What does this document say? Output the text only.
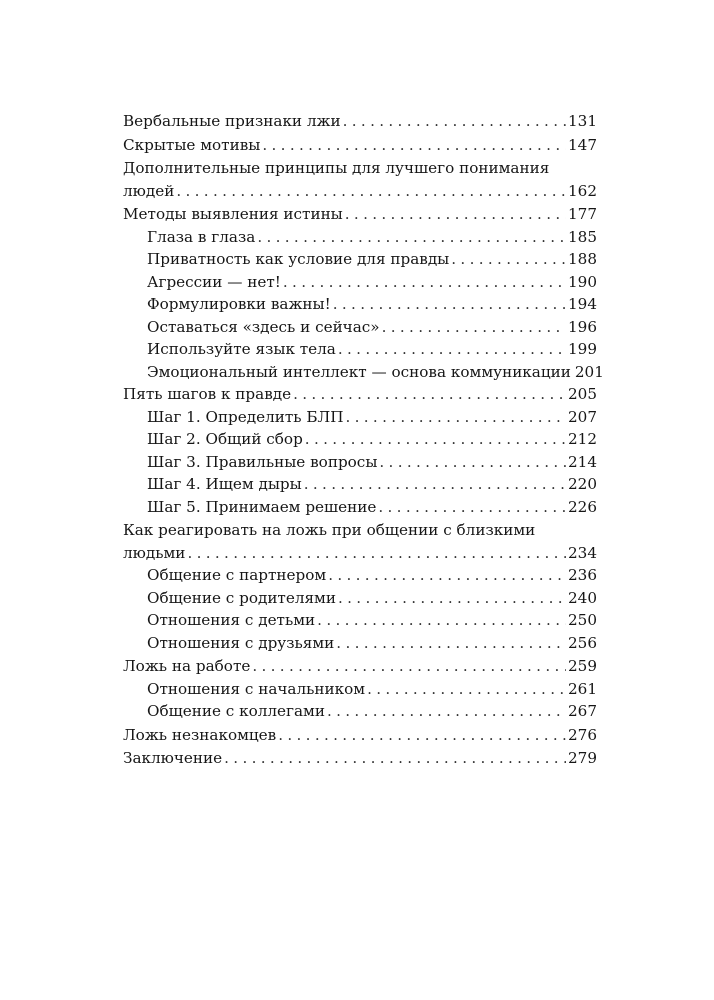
Вербальные признаки лжи . . .	131
Скрытые мотивы . . .	147
Дополнительные принципы для лучшего понимания
людей . . .	162
Методы выявления истины . . .	177
Глаза в глаза . . .	185
Приватность как условие для правды . . .	188
Агрессии — нет! . . .	190
Формулировки важны! . . .	194
Оставаться «здесь и сейчас» . . .	196
Используйте язык тела . . .	199
Эмоциональный интеллект — основа коммуникации 201
Пять шагов к правде . . .	205
Шаг 1. Определить БЛП . . .	207
Шаг 2. Общий сбор . . .	212
Шаг 3. Правильные вопросы . . .	214
Шаг 4. Ищем дыры . . .	220
Шаг 5. Принимаем решение . . .	226
Как реагировать на ложь при общении с близкими
людьми . . .	234
Общение с партнером . . .	236
Общение с родителями . . .	240
Отношения с детьми . . .	250
Отношения с друзьями . . .	256
Ложь на работе . . .	259
Отношения с начальником . . .	261
Общение с коллегами . . .	267
Ложь незнакомцев . . .	276
Заключение . . .	279
